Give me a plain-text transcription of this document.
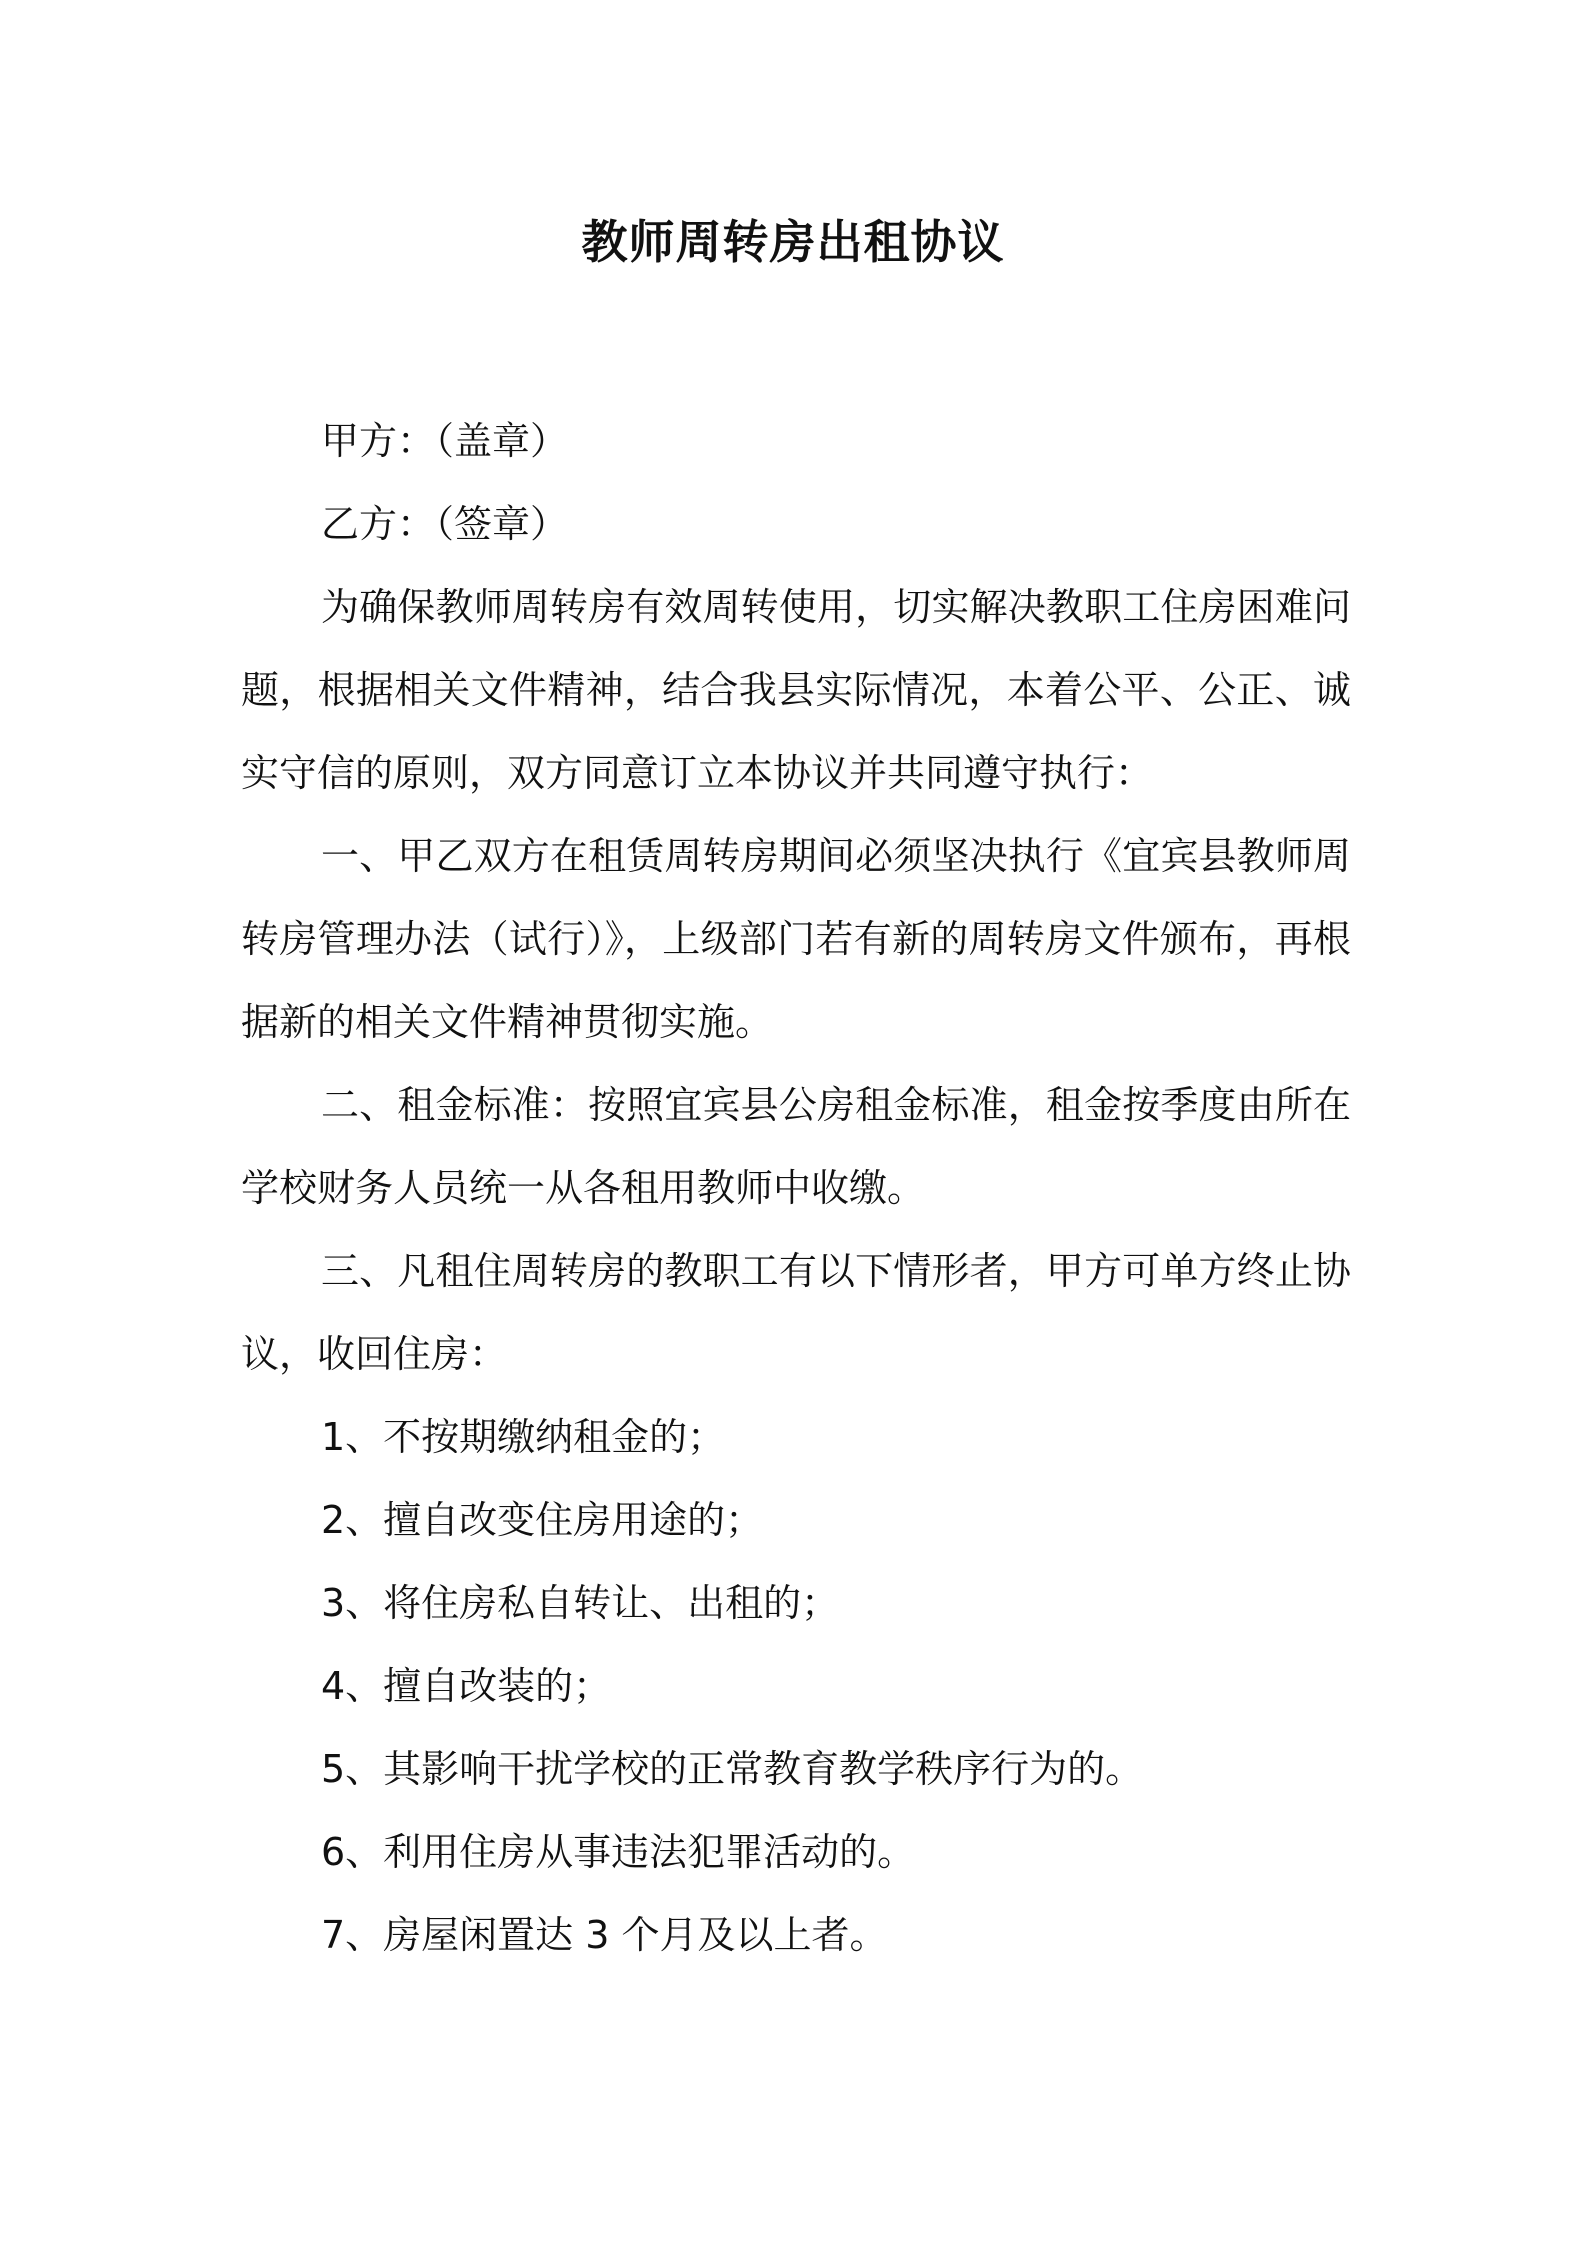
教师周转房出租协议

甲方：（盖章）

乙方：（签章）

为确保教师周转房有效周转使用，切实解决教职工住房困难问题，根据相关文件精神，结合我县实际情况，本着公平、公正、诚实守信的原则，双方同意订立本协议并共同遵守执行：

一、甲乙双方在租赁周转房期间必须坚决执行《宜宾县教师周转房管理办法（试行）》，上级部门若有新的周转房文件颁布，再根据新的相关文件精神贯彻实施。

二、租金标准：按照宜宾县公房租金标准，租金按季度由所在学校财务人员统一从各租用教师中收缴。

三、凡租住周转房的教职工有以下情形者，甲方可单方终止协议，收回住房：

1、不按期缴纳租金的；

2、擅自改变住房用途的；

3、将住房私自转让、出租的；

4、擅自改装的；

5、其影响干扰学校的正常教育教学秩序行为的。

6、利用住房从事违法犯罪活动的。

7、房屋闲置达 3 个月及以上者。
